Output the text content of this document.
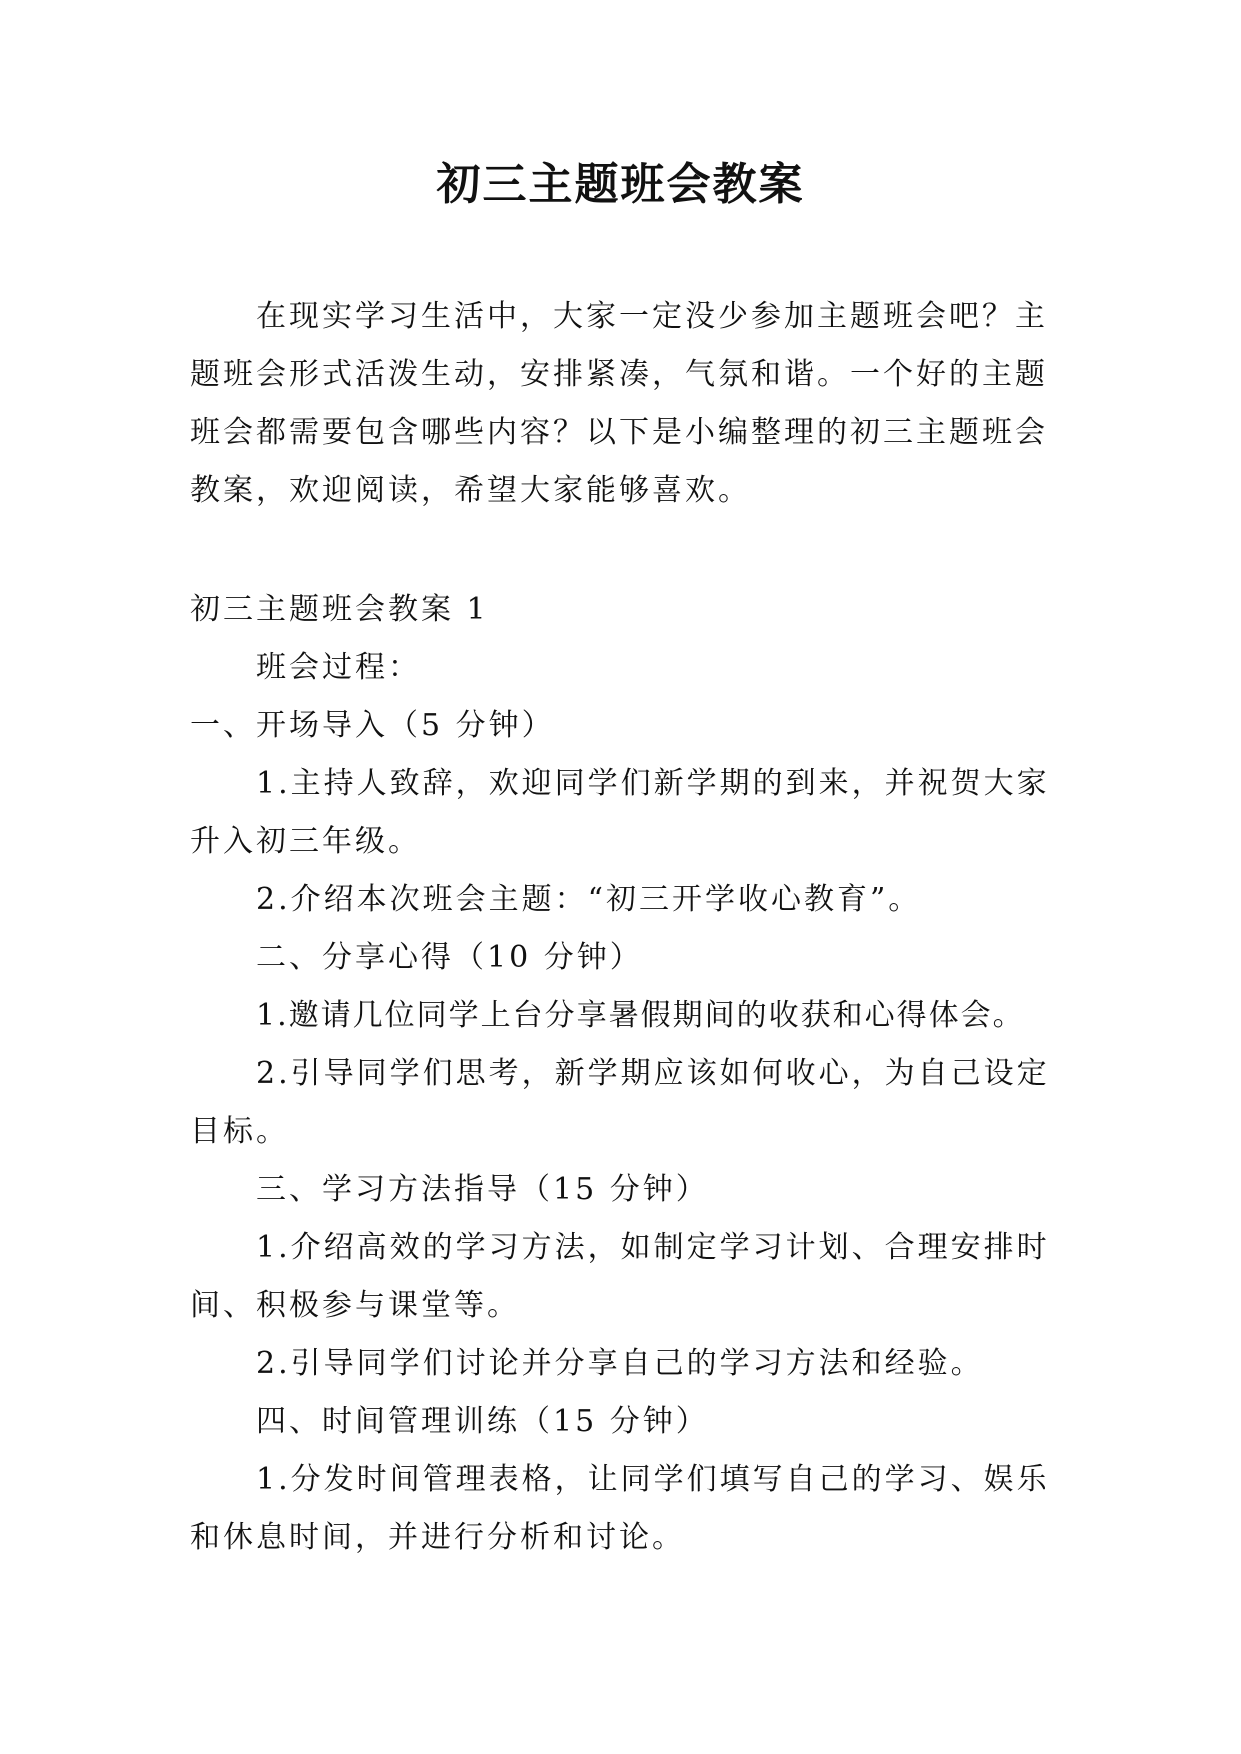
初三主题班会教案
在现实学习生活中，大家一定没少参加主题班会吧？主题班会形式活泼生动，安排紧凑，气氛和谐。一个好的主题班会都需要包含哪些内容？以下是小编整理的初三主题班会教案，欢迎阅读，希望大家能够喜欢。
初三主题班会教案 1
班会过程：
一、开场导入（5 分钟）
1.主持人致辞，欢迎同学们新学期的到来，并祝贺大家
升入初三年级。
2.介绍本次班会主题：“初三开学收心教育”。
二、分享心得（10 分钟）
1.邀请几位同学上台分享暑假期间的收获和心得体会。
2.引导同学们思考，新学期应该如何收心，为自己设定
目标。
三、学习方法指导（15 分钟）
1.介绍高效的学习方法，如制定学习计划、合理安排时
间、积极参与课堂等。
2.引导同学们讨论并分享自己的学习方法和经验。
四、时间管理训练（15 分钟）
1.分发时间管理表格，让同学们填写自己的学习、娱乐
和休息时间，并进行分析和讨论。
